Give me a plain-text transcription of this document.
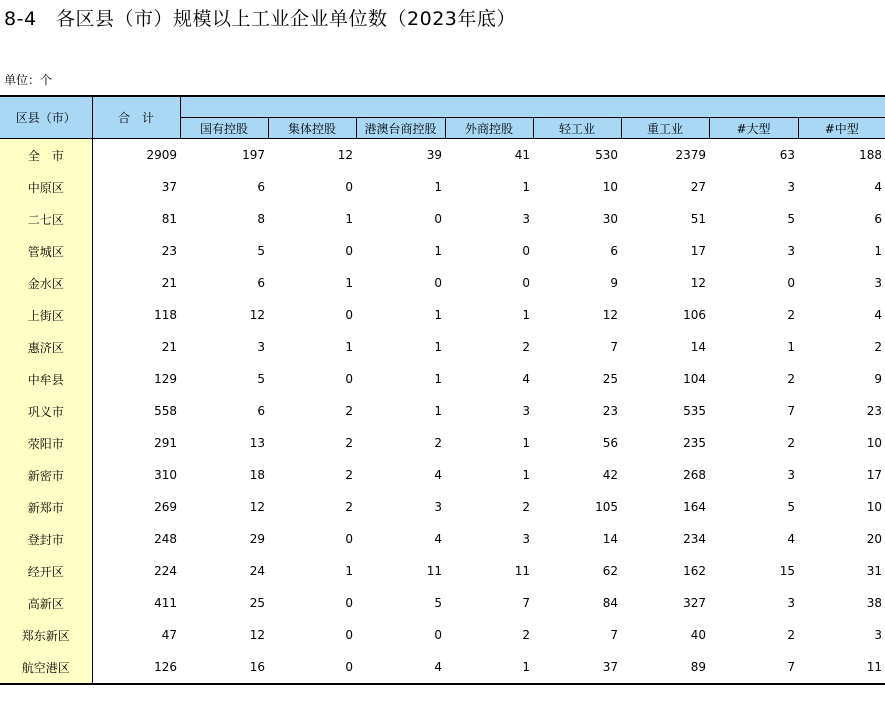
8-4　各区县（市）规模以上工业企业单位数（2023年底）
单位：个
区县（市）	合　计								
		国有控股	集体控股	港澳台商控股	外商控股	轻工业	重工业	#大型	#中型
全　市	2909	197	12	39	41	530	2379	63	188
中原区	37	6	0	1	1	10	27	3	4
二七区	81	8	1	0	3	30	51	5	6
管城区	23	5	0	1	0	6	17	3	1
金水区	21	6	1	0	0	9	12	0	3
上街区	118	12	0	1	1	12	106	2	4
惠济区	21	3	1	1	2	7	14	1	2
中牟县	129	5	0	1	4	25	104	2	9
巩义市	558	6	2	1	3	23	535	7	23
荥阳市	291	13	2	2	1	56	235	2	10
新密市	310	18	2	4	1	42	268	3	17
新郑市	269	12	2	3	2	105	164	5	10
登封市	248	29	0	4	3	14	234	4	20
经开区	224	24	1	11	11	62	162	15	31
高新区	411	25	0	5	7	84	327	3	38
郑东新区	47	12	0	0	2	7	40	2	3
航空港区	126	16	0	4	1	37	89	7	11
